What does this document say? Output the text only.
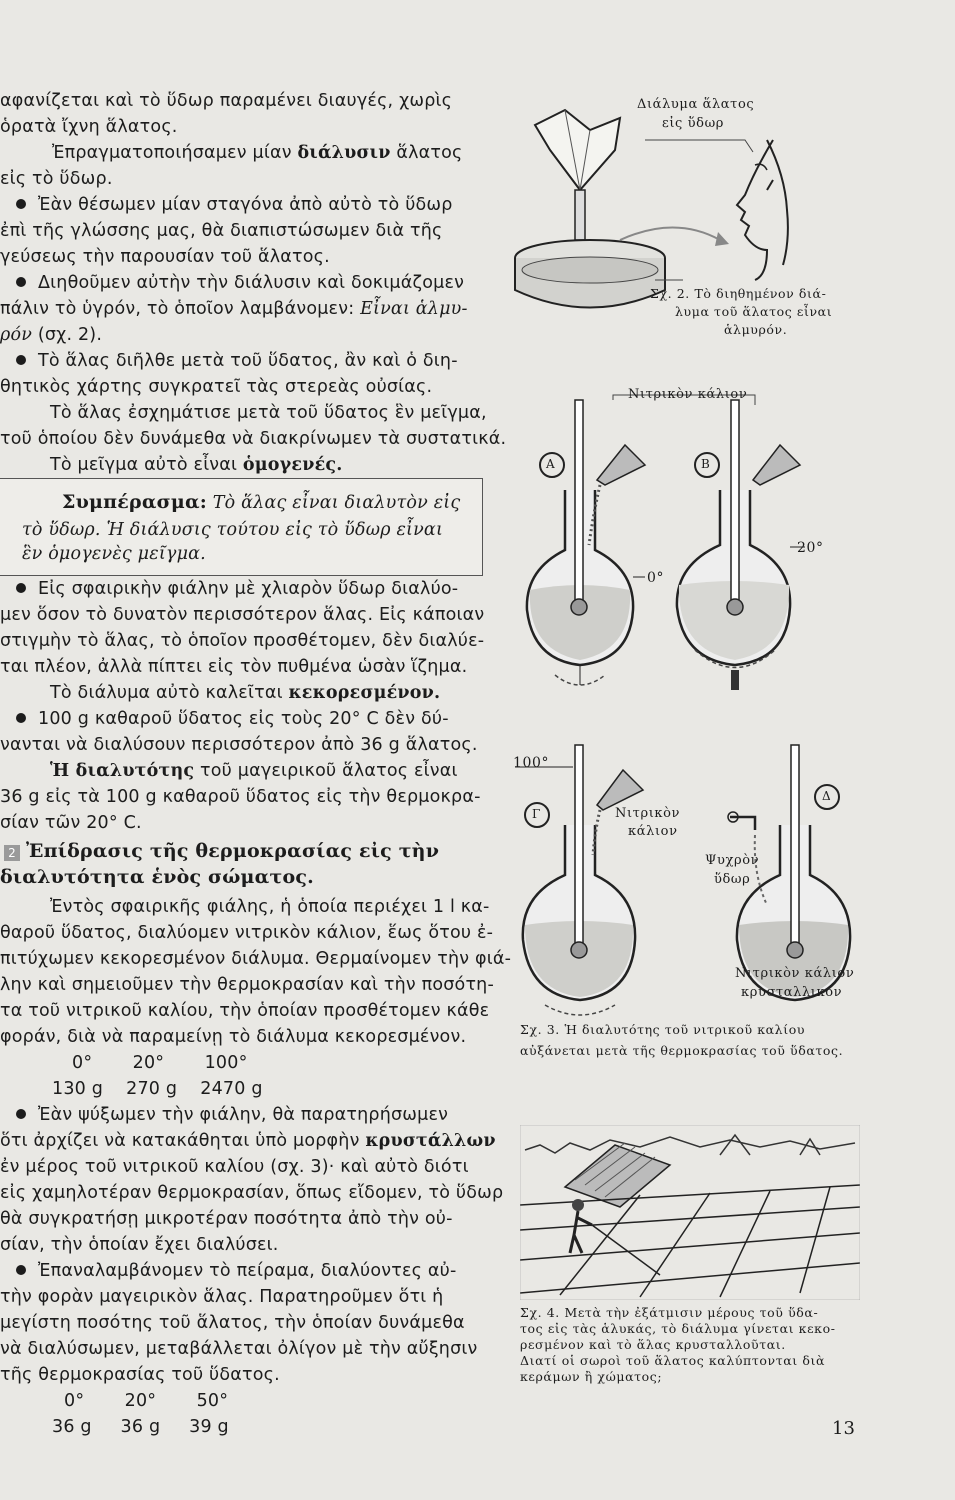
αφανίζεται καὶ τὸ ὕδωρ παραμένει διαυγές, χωρὶς
ὁρατὰ ἴχνη ἅλατος.
Ἐπραγματοποιήσαμεν μίαν διάλυσιν ἅλατος
εἰς τὸ ὕδωρ.
Ἐὰν θέσωμεν μίαν σταγόνα ἀπὸ αὐτὸ τὸ ὕδωρ
ἐπὶ τῆς γλώσσης μας, θὰ διαπιστώσωμεν διὰ τῆς
γεύσεως τὴν παρουσίαν τοῦ ἅλατος.
Διηθοῦμεν αὐτὴν τὴν διάλυσιν καὶ δοκιμάζομεν
πάλιν τὸ ὑγρόν, τὸ ὁποῖον λαμβάνομεν: Εἶναι ἁλμυ-
ρόν (σχ. 2).
Τὸ ἅλας διῆλθε μετὰ τοῦ ὕδατος, ἂν καὶ ὁ διη-
θητικὸς χάρτης συγκρατεῖ τὰς στερεὰς οὐσίας.
Τὸ ἅλας ἐσχημάτισε μετὰ τοῦ ὕδατος ἓν μεῖγμα,
τοῦ ὁποίου δὲν δυνάμεθα νὰ διακρίνωμεν τὰ συστατικά.
Τὸ μεῖγμα αὐτὸ εἶναι ὁμογενές.
Συμπέρασμα: Τὸ ἅλας εἶναι διαλυτὸν εἰς
τὸ ὕδωρ. Ἡ διάλυσις τούτου εἰς τὸ ὕδωρ εἶναι
ἓν ὁμογενὲς μεῖγμα.
Εἰς σφαιρικὴν φιάλην μὲ χλιαρὸν ὕδωρ διαλύο-
μεν ὅσον τὸ δυνατὸν περισσότερον ἅλας. Εἰς κάποιαν
στιγμὴν τὸ ἅλας, τὸ ὁποῖον προσθέτομεν, δὲν διαλύε-
ται πλέον, ἀλλὰ πίπτει εἰς τὸν πυθμένα ὡσὰν ἵζημα.
Τὸ διάλυμα αὐτὸ καλεῖται κεκορεσμένον.
100 g καθαροῦ ὕδατος εἰς τοὺς 20° C δὲν δύ-
νανται νὰ διαλύσουν περισσότερον ἀπὸ 36 g ἅλατος.
Ἡ διαλυτότης τοῦ μαγειρικοῦ ἅλατος εἶναι
36 g εἰς τὰ 100 g καθαροῦ ὕδατος εἰς τὴν θερμοκρα-
σίαν τῶν 20° C.
2 Ἐπίδρασις τῆς θερμοκρασίας εἰς τὴν
διαλυτότητα ἑνὸς σώματος.
Ἐντὸς σφαιρικῆς φιάλης, ἡ ὁποία περιέχει 1 l κα-
θαροῦ ὕδατος, διαλύομεν νιτρικὸν κάλιον, ἕως ὅτου ἐ-
πιτύχωμεν κεκορεσμένον διάλυμα. Θερμαίνομεν τὴν φιά-
λην καὶ σημειοῦμεν τὴν θερμοκρασίαν καὶ τὴν ποσότη-
τα τοῦ νιτρικοῦ καλίου, τὴν ὁποίαν προσθέτομεν κάθε
φοράν, διὰ νὰ παραμείνῃ τὸ διάλυμα κεκορεσμένον.
0°       20°       100°
130 g    270 g    2470 g
Ἐὰν ψύξωμεν τὴν φιάλην, θὰ παρατηρήσωμεν
ὅτι ἀρχίζει νὰ κατακάθηται ὑπὸ μορφὴν κρυστάλλων
ἐν μέρος τοῦ νιτρικοῦ καλίου (σχ. 3)· καὶ αὐτὸ διότι
εἰς χαμηλοτέραν θερμοκρασίαν, ὅπως εἴδομεν, τὸ ὕδωρ
θὰ συγκρατήσῃ μικροτέραν ποσότητα ἀπὸ τὴν οὐ-
σίαν, τὴν ὁποίαν ἔχει διαλύσει.
Ἐπαναλαμβάνομεν τὸ πείραμα, διαλύοντες αὐ-
τὴν φορὰν μαγειρικὸν ἅλας. Παρατηροῦμεν ὅτι ἡ
μεγίστη ποσότης τοῦ ἅλατος, τὴν ὁποίαν δυνάμεθα
νὰ διαλύσωμεν, μεταβάλλεται ὀλίγον μὲ τὴν αὔξησιν
τῆς θερμοκρασίας τοῦ ὕδατος.
0°       20°       50°
36 g     36 g     39 g
Διάλυμα ἅλατος
εἰς ὕδωρ
Σχ. 2. Τὸ διηθημένον διά-
λυμα τοῦ ἅλατος εἶναι
ἁλμυρόν.
Νιτρικὸν κάλιον
Α	Β
0°
20°
100°
Γ
Δ
Νιτρικὸν
κάλιον
Ψυχρὸν
ὕδωρ
Νιτρικὸν κάλιον
κρυσταλλικόν
Σχ. 3. Ἡ διαλυτότης τοῦ νιτρικοῦ καλίου
αὐξάνεται μετὰ τῆς θερμοκρασίας τοῦ ὕδατος.
Σχ. 4. Μετὰ τὴν ἐξάτμισιν μέρους τοῦ ὕδα-
τος εἰς τὰς ἁλυκάς, τὸ διάλυμα γίνεται κεκο-
ρεσμένον καὶ τὸ ἅλας κρυσταλλοῦται.
Διατί οἱ σωροὶ τοῦ ἅλατος καλύπτονται διὰ
κεράμων ἢ χώματος;
13
